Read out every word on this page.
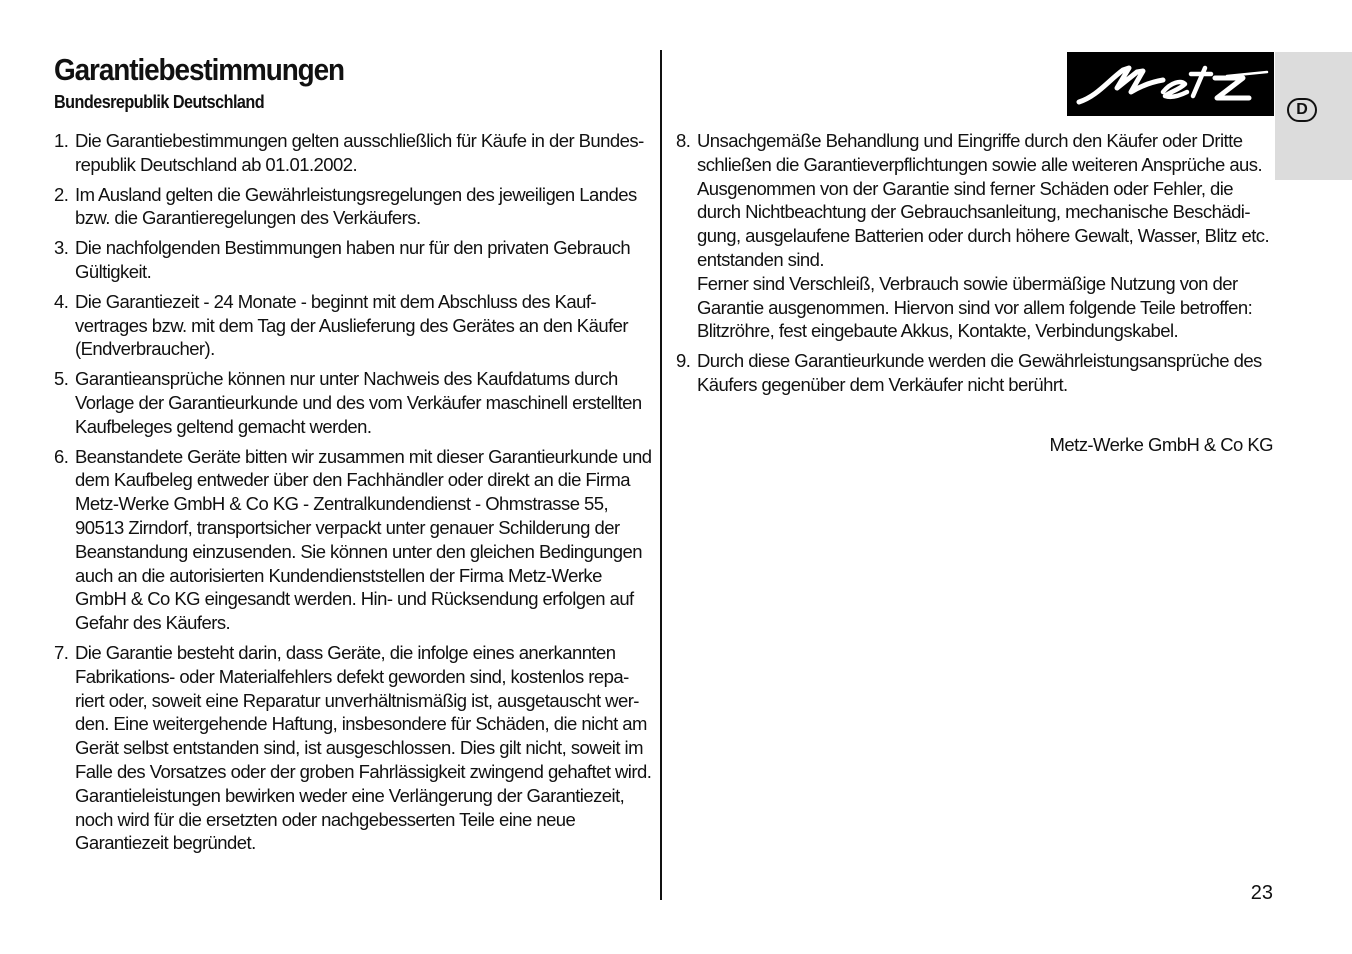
Garantiebestimmungen
Bundesrepublik Deutschland
1. Die Garantiebestimmungen gelten ausschließlich für Käufe in der Bundes-republik Deutschland ab 01.01.2002.
2. Im Ausland gelten die Gewährleistungsregelungen des jeweiligen Landes bzw. die Garantieregelungen des Verkäufers.
3. Die nachfolgenden Bestimmungen haben nur für den privaten Gebrauch Gültigkeit.
4. Die Garantiezeit - 24 Monate - beginnt mit dem Abschluss des Kauf-vertrages bzw. mit dem Tag der Auslieferung des Gerätes an den Käufer (Endverbraucher).
5. Garantieansprüche können nur unter Nachweis des Kaufdatums durch Vorlage der Garantieurkunde und des vom Verkäufer maschinell erstellten Kaufbeleges geltend gemacht werden.
6. Beanstandete Geräte bitten wir zusammen mit dieser Garantieurkunde und dem Kaufbeleg entweder über den Fachhändler oder direkt an die Firma Metz-Werke GmbH & Co KG - Zentralkundendienst - Ohmstrasse 55, 90513 Zirndorf, transportsicher verpackt unter genauer Schilderung der Beanstandung einzusenden. Sie können unter den gleichen Bedingungen auch an die autorisierten Kundendienststellen der Firma Metz-Werke GmbH & Co KG eingesandt werden. Hin- und Rücksendung erfolgen auf Gefahr des Käufers.
7. Die Garantie besteht darin, dass Geräte, die infolge eines anerkannten Fabrikations- oder Materialfehlers defekt geworden sind, kostenlos repa-riert oder, soweit eine Reparatur unverhältnismäßig ist, ausgetauscht wer-den. Eine weitergehende Haftung, insbesondere für Schäden, die nicht am Gerät selbst entstanden sind, ist ausgeschlossen. Dies gilt nicht, soweit im Falle des Vorsatzes oder der groben Fahrlässigkeit zwingend gehaftet wird. Garantieleistungen bewirken weder eine Verlängerung der Garantiezeit, noch wird für die ersetzten oder nachgebesserten Teile eine neue Garantiezeit begründet.
D
8. Unsachgemäße Behandlung und Eingriffe durch den Käufer oder Dritte schließen die Garantieverpflichtungen sowie alle weiteren Ansprüche aus. Ausgenommen von der Garantie sind ferner Schäden oder Fehler, die durch Nichtbeachtung der Gebrauchsanleitung, mechanische Beschädi-gung, ausgelaufene Batterien oder durch höhere Gewalt, Wasser, Blitz etc. entstanden sind.
Ferner sind Verschleiß, Verbrauch sowie übermäßige Nutzung von der Garantie ausgenommen. Hiervon sind vor allem folgende Teile betroffen: Blitzröhre, fest eingebaute Akkus, Kontakte, Verbindungskabel.
9. Durch diese Garantieurkunde werden die Gewährleistungsansprüche des Käufers gegenüber dem Verkäufer nicht berührt.
Metz-Werke GmbH & Co KG
23
